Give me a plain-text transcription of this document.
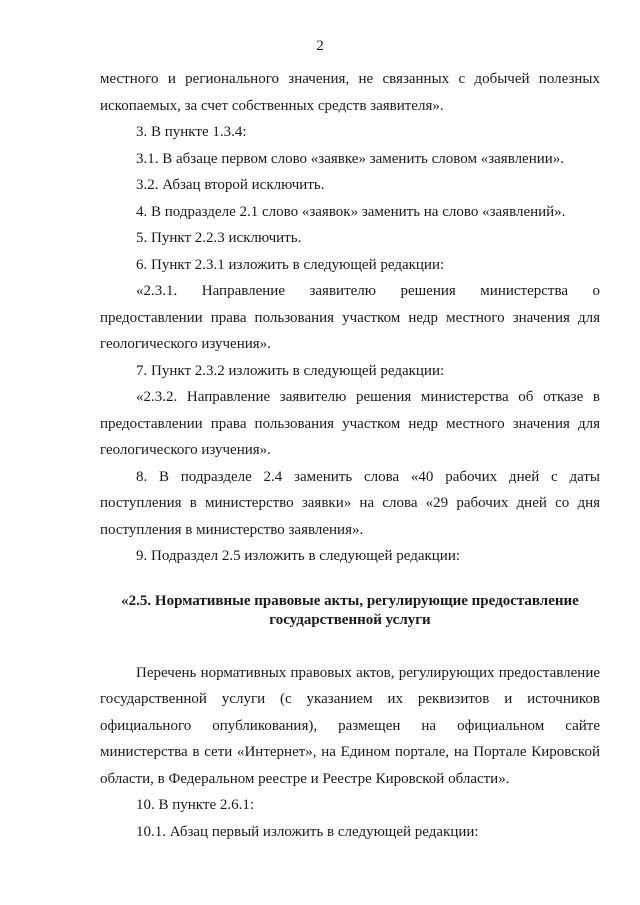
2

местного и регионального значения, не связанных с добычей полезных ископаемых, за счет собственных средств заявителя».

3. В пункте 1.3.4:

3.1. В абзаце первом слово «заявке» заменить словом «заявлении».

3.2. Абзац второй исключить.

4. В подразделе 2.1 слово «заявок» заменить на слово «заявлений».

5. Пункт 2.2.3 исключить.

6. Пункт 2.3.1 изложить в следующей редакции:

«2.3.1. Направление заявителю решения министерства о предоставлении права пользования участком недр местного значения для геологического изучения».

7. Пункт 2.3.2 изложить в следующей редакции:

«2.3.2. Направление заявителю решения министерства об отказе в предоставлении права пользования участком недр местного значения для геологического изучения».

8. В подразделе 2.4 заменить слова «40 рабочих дней с даты поступления в министерство заявки» на слова «29 рабочих дней со дня поступления в министерство заявления».

9. Подраздел 2.5 изложить в следующей редакции:

«2.5. Нормативные правовые акты, регулирующие предоставление

государственной услуги

Перечень нормативных правовых актов, регулирующих предоставление государственной услуги (с указанием их реквизитов и источников официального опубликования), размещен на официальном сайте министерства в сети «Интернет», на Едином портале, на Портале Кировской области, в Федеральном реестре и Реестре Кировской области».

10. В пункте 2.6.1:

10.1. Абзац первый изложить в следующей редакции:
